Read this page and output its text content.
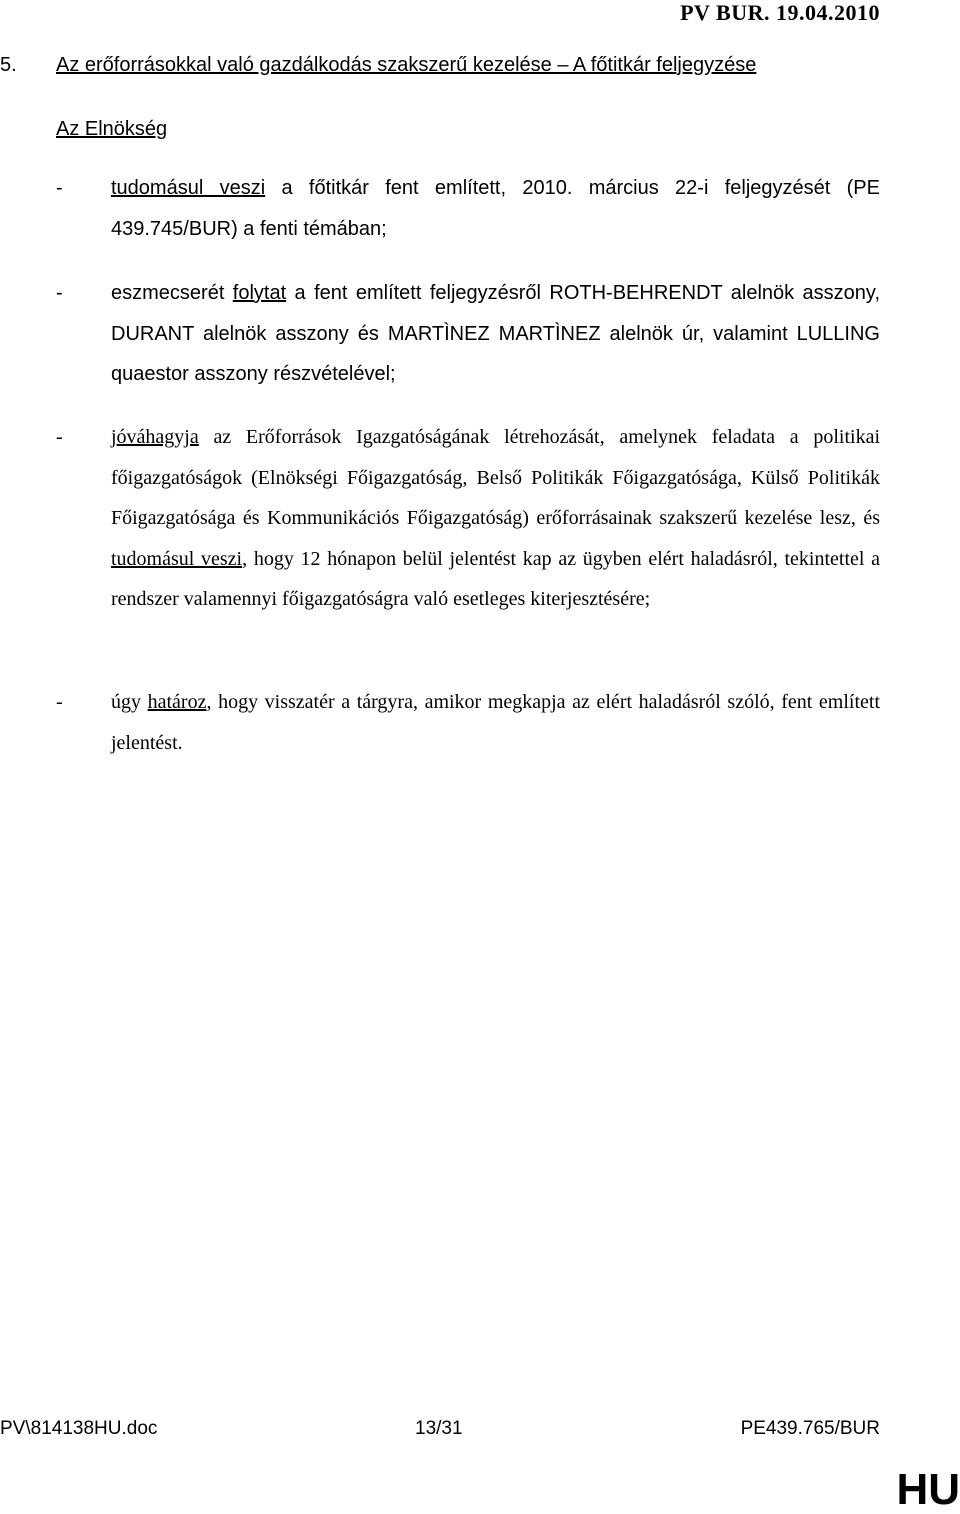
PV BUR. 19.04.2010
5. Az erőforrásokkal való gazdálkodás szakszerű kezelése – A főtitkár feljegyzése
Az Elnökség
- tudomásul veszi a főtitkár fent említett, 2010. március 22-i feljegyzését (PE 439.745/BUR) a fenti témában;
- eszmecserét folytat a fent említett feljegyzésről ROTH-BEHRENDT alelnök asszony, DURANT alelnök asszony és MARTÌNEZ MARTÌNEZ alelnök úr, valamint LULLING quaestor asszony részvételével;
- jóváhagyja az Erőforrások Igazgatóságának létrehozását, amelynek feladata a politikai főigazgatóságok (Elnökségi Főigazgatóság, Belső Politikák Főigazgatósága, Külső Politikák Főigazgatósága és Kommunikációs Főigazgatóság) erőforrásainak szakszerű kezelése lesz, és tudomásul veszi, hogy 12 hónapon belül jelentést kap az ügyben elért haladásról, tekintettel a rendszer valamennyi főigazgatóságra való esetleges kiterjesztésére;
- úgy határoz, hogy visszatér a tárgyra, amikor megkapja az elért haladásról szóló, fent említett jelentést.
PV\814138HU.doc	13/31	PE439.765/BUR
HU
